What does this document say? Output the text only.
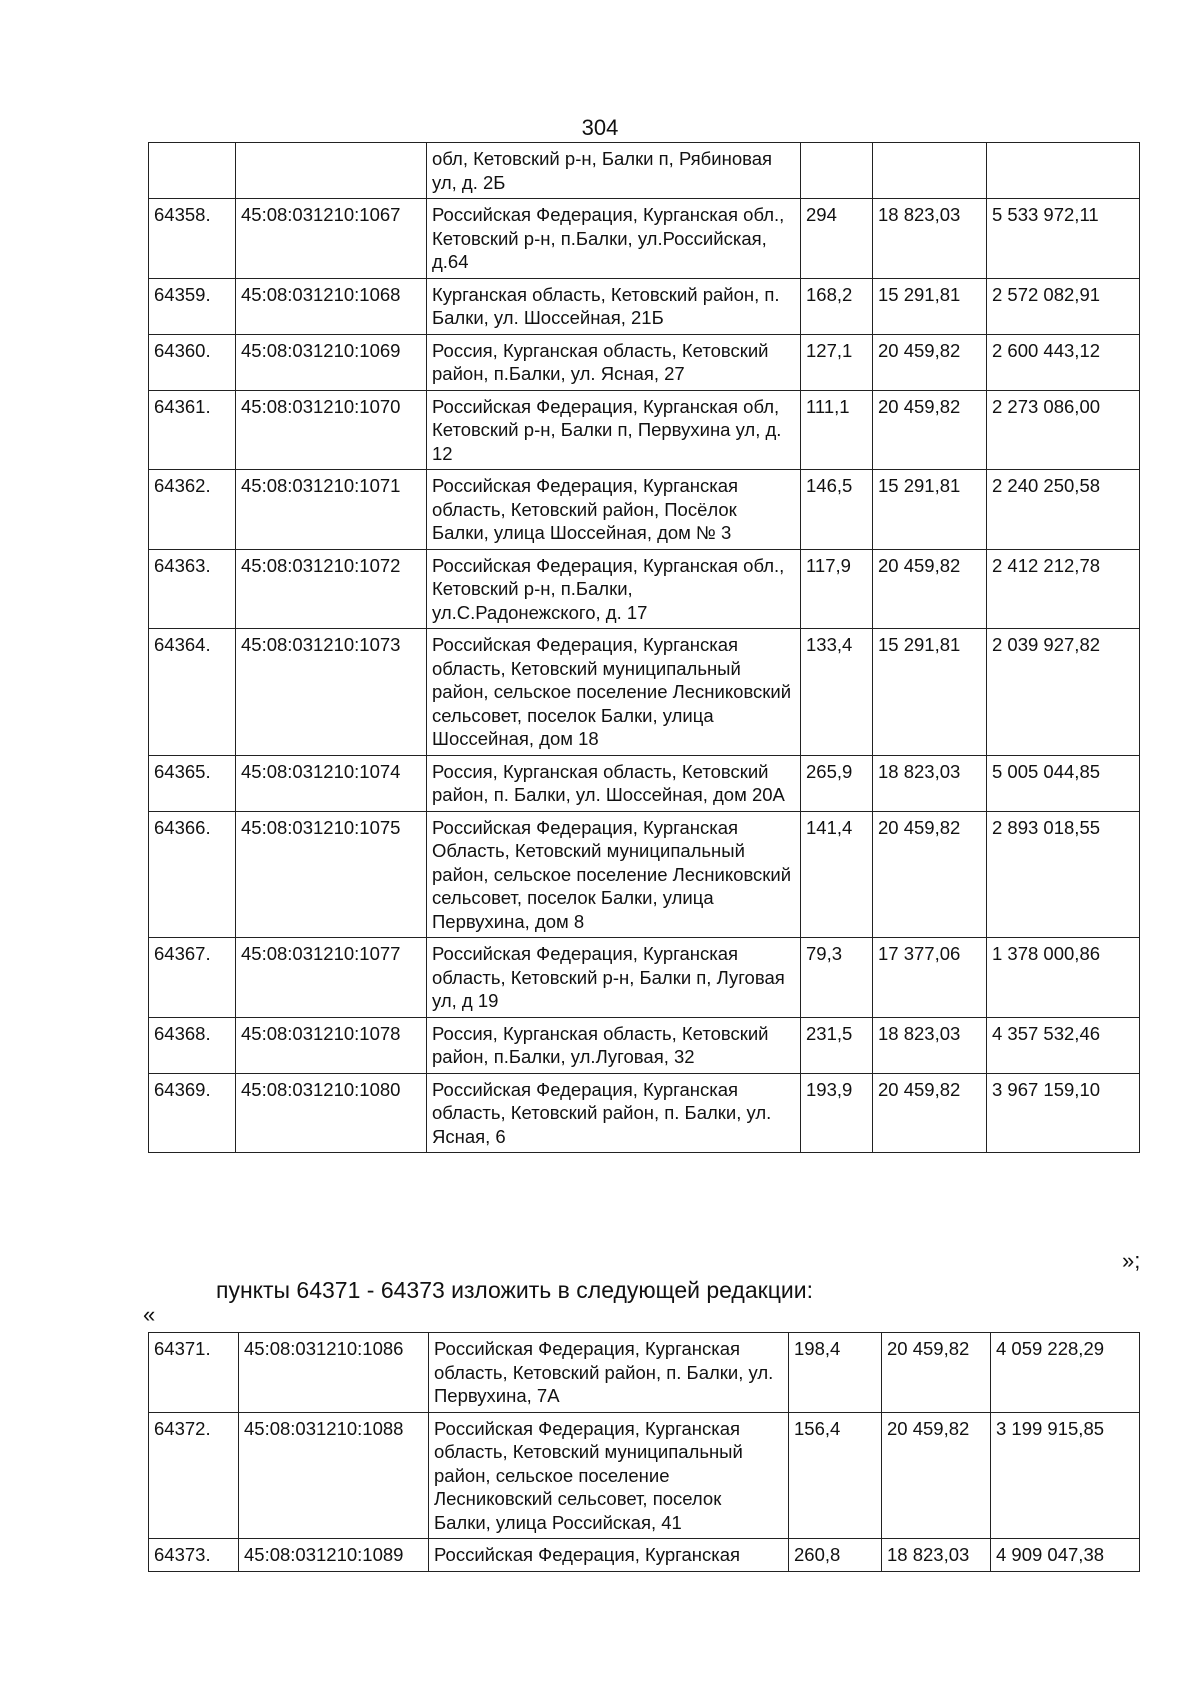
304
		обл, Кетовский р-н, Балки п, Рябиновая ул, д. 2Б			
64358.	45:08:031210:1067	Российская Федерация, Курганская обл., Кетовский р-н, п.Балки, ул.Российская, д.64	294	18 823,03	5 533 972,11
64359.	45:08:031210:1068	Курганская область, Кетовский район, п. Балки, ул. Шоссейная, 21Б	168,2	15 291,81	2 572 082,91
64360.	45:08:031210:1069	Россия, Курганская область, Кетовский район, п.Балки, ул. Ясная, 27	127,1	20 459,82	2 600 443,12
64361.	45:08:031210:1070	Российская Федерация, Курганская обл, Кетовский р-н, Балки п, Первухина ул, д. 12	111,1	20 459,82	2 273 086,00
64362.	45:08:031210:1071	Российская Федерация, Курганская область, Кетовский район, Посёлок Балки, улица Шоссейная, дом № 3	146,5	15 291,81	2 240 250,58
64363.	45:08:031210:1072	Российская Федерация, Курганская обл., Кетовский р-н, п.Балки, ул.С.Радонежского, д. 17	117,9	20 459,82	2 412 212,78
64364.	45:08:031210:1073	Российская Федерация, Курганская область, Кетовский муниципальный район, сельское поселение Лесниковский сельсовет, поселок Балки, улица Шоссейная, дом 18	133,4	15 291,81	2 039 927,82
64365.	45:08:031210:1074	Россия, Курганская область, Кетовский район, п. Балки, ул. Шоссейная, дом 20А	265,9	18 823,03	5 005 044,85
64366.	45:08:031210:1075	Российская Федерация, Курганская Область, Кетовский муниципальный район, сельское поселение Лесниковский сельсовет, поселок Балки, улица Первухина, дом 8	141,4	20 459,82	2 893 018,55
64367.	45:08:031210:1077	Российская Федерация, Курганская область, Кетовский р-н, Балки п, Луговая ул, д 19	79,3	17 377,06	1 378 000,86
64368.	45:08:031210:1078	Россия, Курганская область, Кетовский район, п.Балки, ул.Луговая, 32	231,5	18 823,03	4 357 532,46
64369.	45:08:031210:1080	Российская Федерация, Курганская область, Кетовский район, п. Балки, ул. Ясная, 6	193,9	20 459,82	3 967 159,10
»;
пункты 64371 - 64373 изложить в следующей редакции:
«
64371.	45:08:031210:1086	Российская Федерация, Курганская область, Кетовский район, п. Балки, ул. Первухина, 7А	198,4	20 459,82	4 059 228,29
64372.	45:08:031210:1088	Российская Федерация, Курганская область, Кетовский муниципальный район, сельское поселение Лесниковский сельсовет, поселок Балки, улица Российская, 41	156,4	20 459,82	3 199 915,85
64373.	45:08:031210:1089	Российская Федерация, Курганская	260,8	18 823,03	4 909 047,38
